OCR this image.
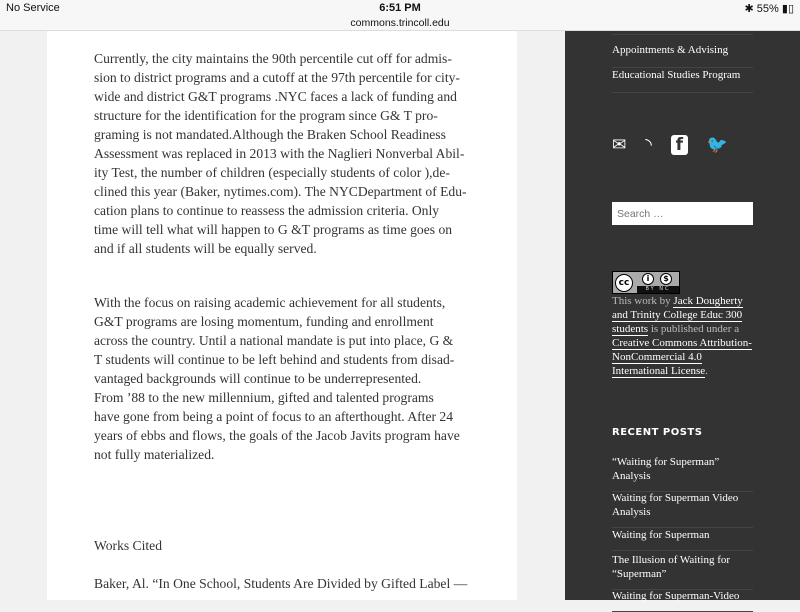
No Service	6:51 PM
commons.trincoll.edu
✱ 55% ▮▯
Currently, the city maintains the 90th percentile cut off for admis-
sion to district programs and a cutoff at the 97th percentile for city-
wide and district G&T programs .NYC faces a lack of funding and
structure for the identification for the program since G& T pro-
graming is not mandated.Although the Braken School Readiness
Assessment was replaced in 2013 with the Naglieri Nonverbal Abil-
ity Test, the number of children (especially students of color ),de-
clined this year (Baker, nytimes.com). The NYCDepartment of Edu-
cation plans to continue to reassess the admission criteria. Only
time will tell what will happen to G &T programs as time goes on
and if all students will be equally served.
With the focus on raising academic achievement for all students,
G&T programs are losing momentum, funding and enrollment
across the country. Until a national mandate is put into place, G &
T students will continue to be left behind and students from disad-
vantaged backgrounds will continue to be underrepresented.
From ’88 to the new millennium, gifted and talented programs
have gone from being a point of focus to an afterthought. After 24
years of ebbs and flows, the goals of the Jacob Javits program have
not fully materialized.
Works Cited
Baker, Al. “In One School, Students Are Divided by Gifted Label —
Appointments & Advising
Educational Studies Program
✉ ◝ f 🐦
Search …
cc	i	$
BY NC
This work by Jack Dougherty and Trinity College Educ 300 students is published under a Creative Commons Attribution-NonCommercial 4.0 International License.
RECENT POSTS
“Waiting for Superman” Analysis
Waiting for Superman Video Analysis
Waiting for Superman
The Illusion of Waiting for “Superman”
Waiting for Superman-Video
